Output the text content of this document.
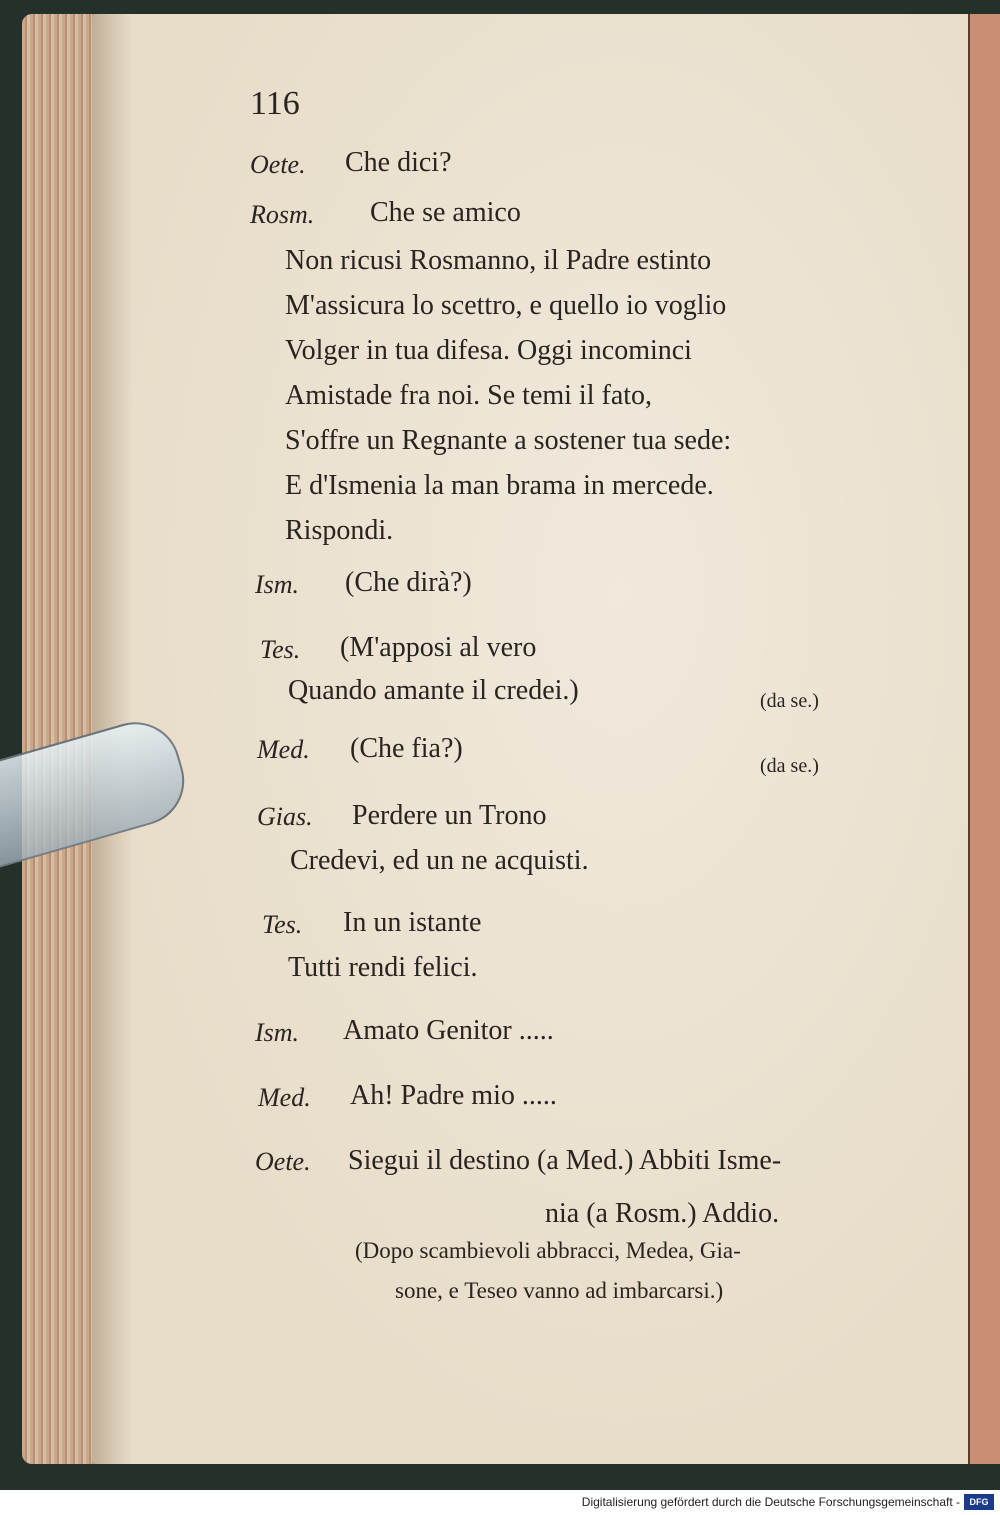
116
Oete. Che dici?
Rosm. Che se amico
Non ricusi Rosmanno, il Padre estinto
M'assicura lo scettro, e quello io voglio
Volger in tua difesa. Oggi incominci
Amistade fra noi. Se temi il fato,
S'offre un Regnante a sostener tua sede:
E d'Ismenia la man brama in mercede.
Rispondi.
Ism. (Che dirà?)
Tes. (M'apposi al vero
Quando amante il credei.)	(da se.)
Med. (Che fia?)
(da se.)
Gias. Perdere un Trono
Credevi, ed un ne acquisti.
Tes. In un istante
Tutti rendi felici.
Ism. Amato Genitor .....
Med. Ah! Padre mio .....
Oete. Siegui il destino (a Med.) Abbiti Isme-
nia (a Rosm.) Addio.
(Dopo scambievoli abbracci, Medea, Gia-
sone, e Teseo vanno ad imbarcarsi.)
Digitalisierung gefördert durch die Deutsche Forschungsgemeinschaft -	DFG
